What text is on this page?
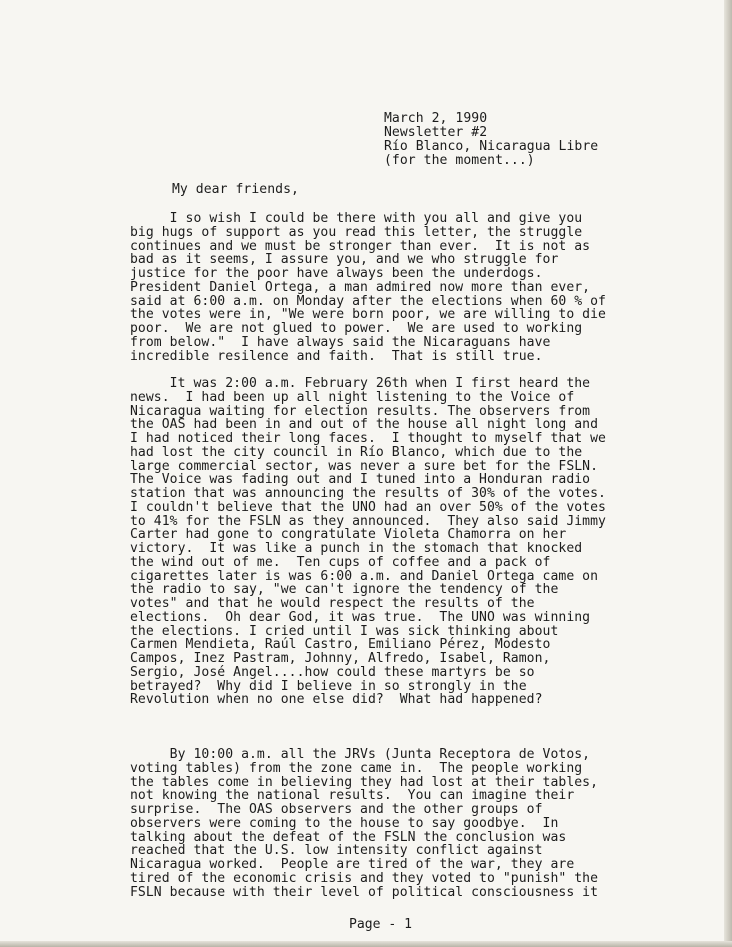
March 2, 1990
Newsletter #2
Río Blanco, Nicaragua Libre
(for the moment...)
My dear friends,
I so wish I could be there with you all and give you
big hugs of support as you read this letter, the struggle
continues and we must be stronger than ever.  It is not as
bad as it seems, I assure you, and we who struggle for
justice for the poor have always been the underdogs.
President Daniel Ortega, a man admired now more than ever,
said at 6:00 a.m. on Monday after the elections when 60 % of
the votes were in, "We were born poor, we are willing to die
poor.  We are not glued to power.  We are used to working
from below."  I have always said the Nicaraguans have
incredible resilence and faith.  That is still true.
It was 2:00 a.m. February 26th when I first heard the
news.  I had been up all night listening to the Voice of
Nicaragua waiting for election results. The observers from
the OAS had been in and out of the house all night long and
I had noticed their long faces.  I thought to myself that we
had lost the city council in Río Blanco, which due to the
large commercial sector, was never a sure bet for the FSLN.
The Voice was fading out and I tuned into a Honduran radio
station that was announcing the results of 30% of the votes.
I couldn't believe that the UNO had an over 50% of the votes
to 41% for the FSLN as they announced.  They also said Jimmy
Carter had gone to congratulate Violeta Chamorra on her
victory.  It was like a punch in the stomach that knocked
the wind out of me.  Ten cups of coffee and a pack of
cigarettes later is was 6:00 a.m. and Daniel Ortega came on
the radio to say, "we can't ignore the tendency of the
votes" and that he would respect the results of the
elections.  Oh dear God, it was true.  The UNO was winning
the elections. I cried until I was sick thinking about
Carmen Mendieta, Raúl Castro, Emiliano Pérez, Modesto
Campos, Inez Pastram, Johnny, Alfredo, Isabel, Ramon,
Sergio, José Angel....how could these martyrs be so
betrayed?  Why did I believe in so strongly in the
Revolution when no one else did?  What had happened?
By 10:00 a.m. all the JRVs (Junta Receptora de Votos,
voting tables) from the zone came in.  The people working
the tables come in believing they had lost at their tables,
not knowing the national results.  You can imagine their
surprise.  The OAS observers and the other groups of
observers were coming to the house to say goodbye.  In
talking about the defeat of the FSLN the conclusion was
reached that the U.S. low intensity conflict against
Nicaragua worked.  People are tired of the war, they are
tired of the economic crisis and they voted to "punish" the
FSLN because with their level of political consciousness it
Page - 1
